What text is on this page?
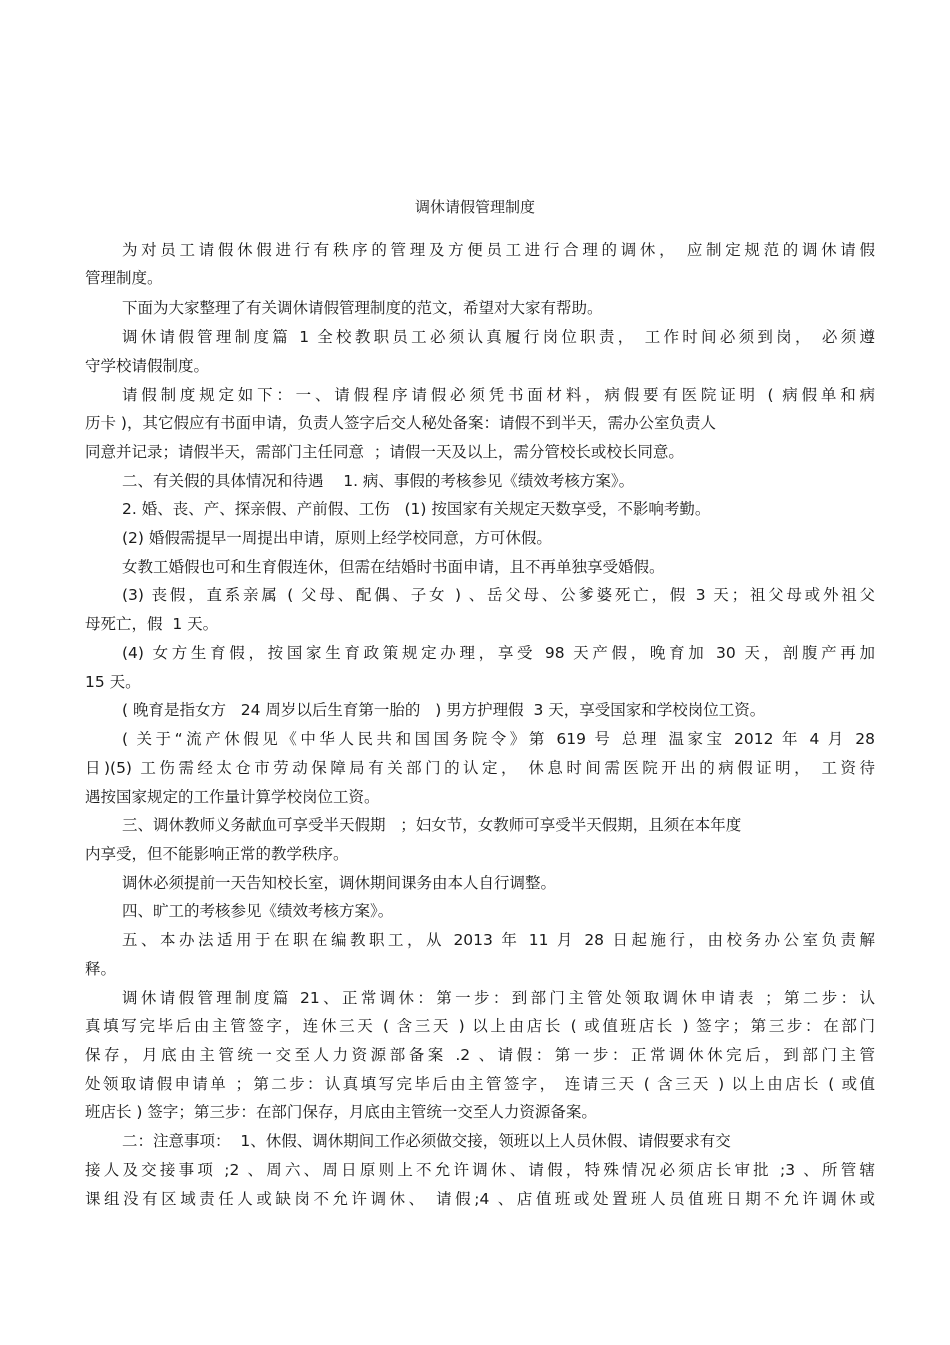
调休请假管理制度

为对员工请假休假进行有秩序的管理及方便员工进行合理的调休， 应制定规范的调休请假

管理制度。

下面为大家整理了有关调休请假管理制度的范文，希望对大家有帮助。

调休请假管理制度篇 1 全校教职员工必须认真履行岗位职责， 工作时间必须到岗， 必须遵

守学校请假制度。

请假制度规定如下：一、请假程序请假必须凭书面材料，病假要有医院证明 ( 病假单和病

历卡 )，其它假应有书面申请，负责人签字后交人秘处备案：请假不到半天，需办公室负责人

同意并记录；请假半天，需部门主任同意  ；请假一天及以上，需分管校长或校长同意。

二、有关假的具体情况和待遇    1. 病、事假的考核参见《绩效考核方案》。

2. 婚、丧、产、探亲假、产前假、工伤   (1) 按国家有关规定天数享受，不影响考勤。

(2) 婚假需提早一周提出申请，原则上经学校同意，方可休假。

女教工婚假也可和生育假连休，但需在结婚时书面申请，且不再单独享受婚假。

(3) 丧假，直系亲属 ( 父母、配偶、子女 ) 、岳父母、公爹婆死亡，假 3 天；祖父母或外祖父

母死亡，假  1 天。

(4) 女方生育假，按国家生育政策规定办理，享受 98 天产假，晚育加 30 天，剖腹产再加

15 天。

( 晚育是指女方   24 周岁以后生育第一胎的   ) 男方护理假  3 天，享受国家和学校岗位工资。

( 关于“流产休假见《中华人民共和国国务院令》第 619 号 总理 温家宝 2012 年 4 月 28

日)(5) 工伤需经太仓市劳动保障局有关部门的认定， 休息时间需医院开出的病假证明， 工资待

遇按国家规定的工作量计算学校岗位工资。

三、调休教师义务献血可享受半天假期   ；妇女节，女教师可享受半天假期，且须在本年度

内享受，但不能影响正常的教学秩序。

调休必须提前一天告知校长室，调休期间课务由本人自行调整。

四、旷工的考核参见《绩效考核方案》。

五、本办法适用于在职在编教职工，从 2013 年 11 月 28 日起施行，由校务办公室负责解

释。

调休请假管理制度篇 21、正常调休：第一步：到部门主管处领取调休申请表 ；第二步：认

真填写完毕后由主管签字，连休三天 ( 含三天 ) 以上由店长 ( 或值班店长 ) 签字；第三步：在部门

保存，月底由主管统一交至人力资源部备案 .2 、请假：第一步：正常调休休完后，到部门主管

处领取请假申请单 ；第二步：认真填写完毕后由主管签字， 连请三天 ( 含三天 ) 以上由店长 ( 或值

班店长 ) 签字；第三步：在部门保存，月底由主管统一交至人力资源备案。

二：注意事项：  1、休假、调休期间工作必须做交接，领班以上人员休假、请假要求有交

接人及交接事项 ;2 、周六、周日原则上不允许调休、请假，特殊情况必须店长审批 ;3 、所管辖

课组没有区域责任人或缺岗不允许调休、 请假;4 、店值班或处置班人员值班日期不允许调休或
